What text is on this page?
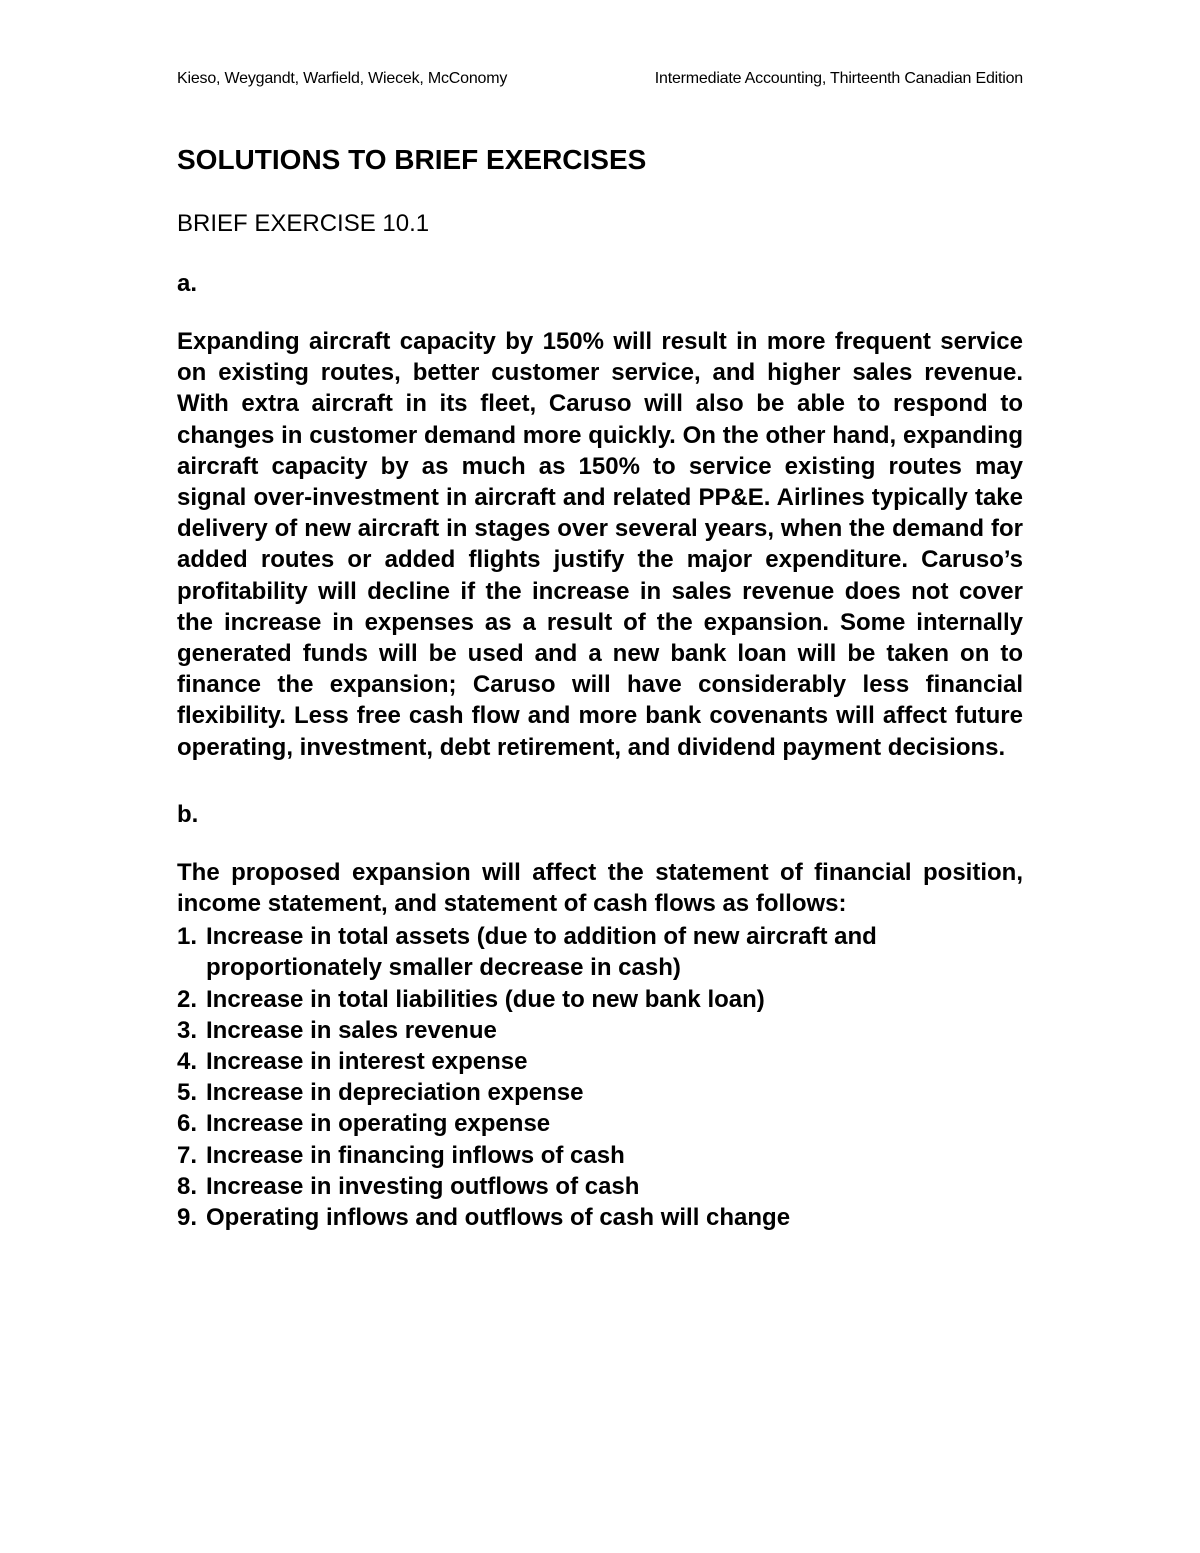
Kieso, Weygandt, Warfield, Wiecek, McConomy	Intermediate Accounting, Thirteenth Canadian Edition
SOLUTIONS TO BRIEF EXERCISES
BRIEF EXERCISE 10.1
a.

Expanding aircraft capacity by 150% will result in more frequent service on existing routes, better customer service, and higher sales revenue. With extra aircraft in its fleet, Caruso will also be able to respond to changes in customer demand more quickly. On the other hand, expanding aircraft capacity by as much as 150% to service existing routes may signal over-investment in aircraft and related PP&E. Airlines typically take delivery of new aircraft in stages over several years, when the demand for added routes or added flights justify the major expenditure. Caruso’s profitability will decline if the increase in sales revenue does not cover the increase in expenses as a result of the expansion. Some internally generated funds will be used and a new bank loan will be taken on to finance the expansion; Caruso will have considerably less financial flexibility. Less free cash flow and more bank covenants will affect future operating, investment, debt retirement, and dividend payment decisions.

b.

The proposed expansion will affect the statement of financial position, income statement, and statement of cash flows as follows:

1. Increase in total assets (due to addition of new aircraft and proportionately smaller decrease in cash)
2. Increase in total liabilities (due to new bank loan)
3. Increase in sales revenue
4. Increase in interest expense
5. Increase in depreciation expense
6. Increase in operating expense
7. Increase in financing inflows of cash
8. Increase in investing outflows of cash
9. Operating inflows and outflows of cash will change
